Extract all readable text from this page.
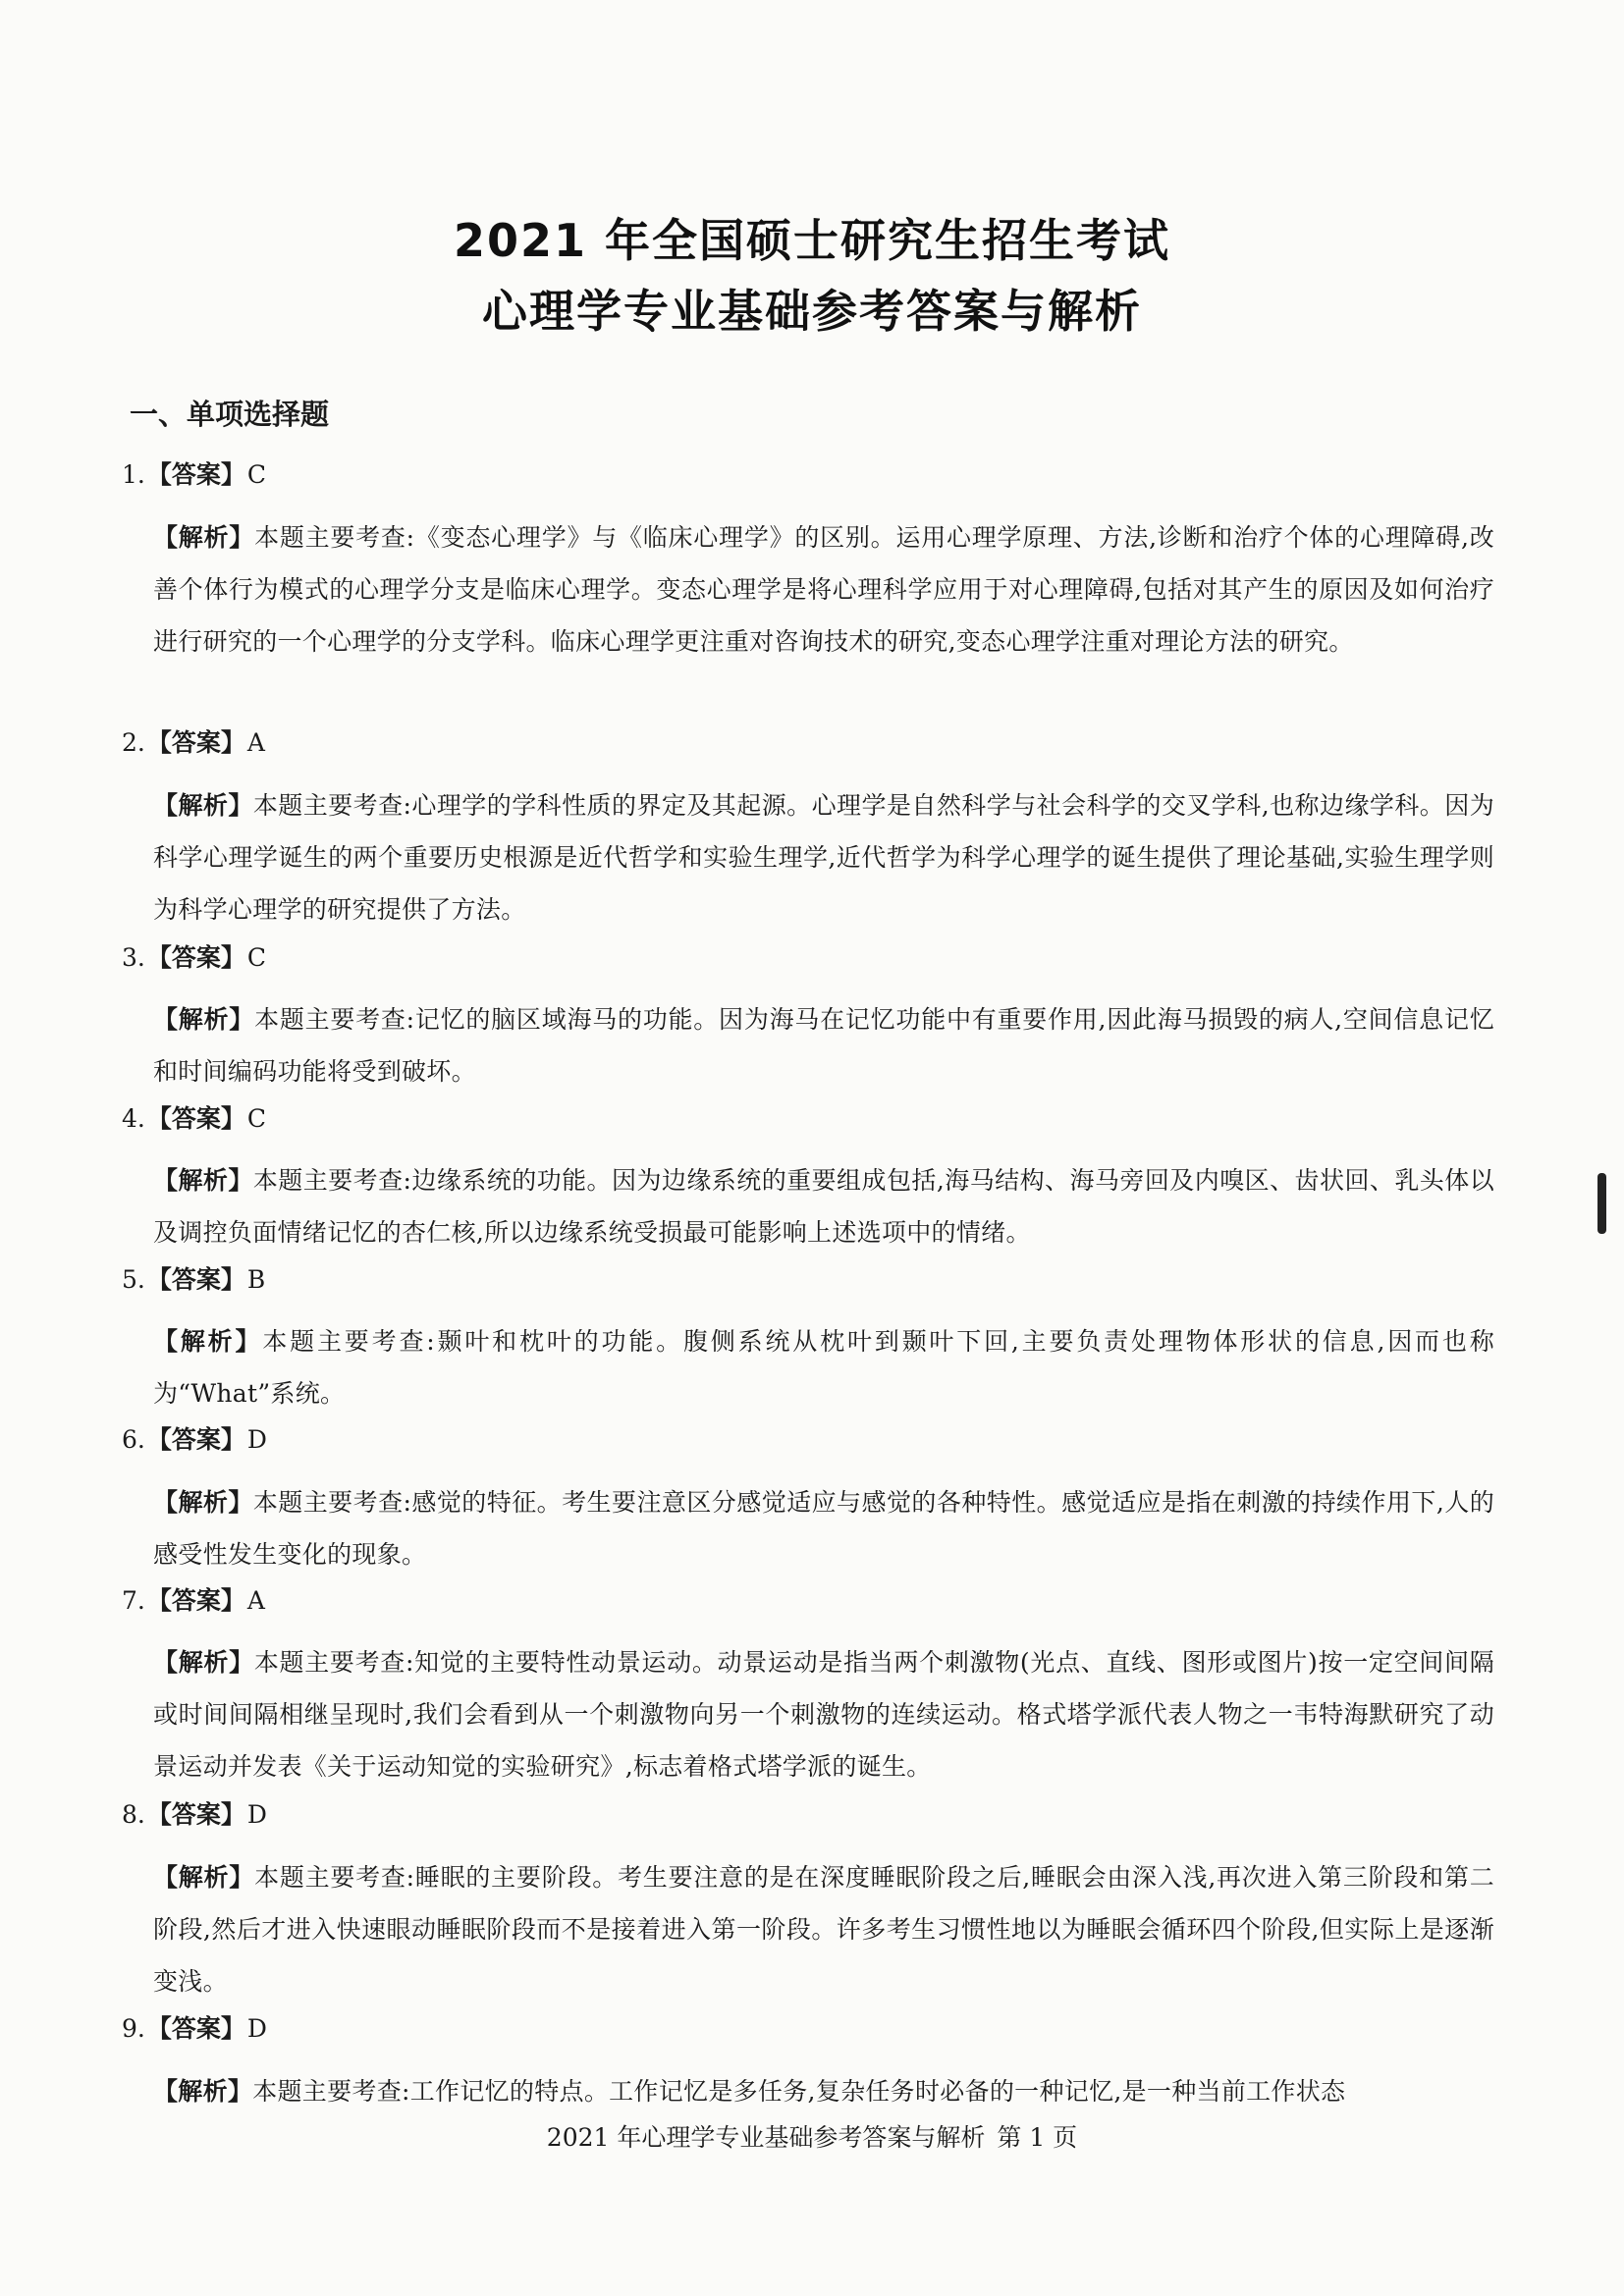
2021 年全国硕士研究生招生考试
心理学专业基础参考答案与解析
一、单项选择题
1.【答案】C
【解析】本题主要考查:《变态心理学》与《临床心理学》的区别。运用心理学原理、方法,诊断和治疗个体的心理障碍,改善个体行为模式的心理学分支是临床心理学。变态心理学是将心理科学应用于对心理障碍,包括对其产生的原因及如何治疗进行研究的一个心理学的分支学科。临床心理学更注重对咨询技术的研究,变态心理学注重对理论方法的研究。
2.【答案】A
【解析】本题主要考查:心理学的学科性质的界定及其起源。心理学是自然科学与社会科学的交叉学科,也称边缘学科。因为科学心理学诞生的两个重要历史根源是近代哲学和实验生理学,近代哲学为科学心理学的诞生提供了理论基础,实验生理学则为科学心理学的研究提供了方法。
3.【答案】C
【解析】本题主要考查:记忆的脑区域海马的功能。因为海马在记忆功能中有重要作用,因此海马损毁的病人,空间信息记忆和时间编码功能将受到破坏。
4.【答案】C
【解析】本题主要考查:边缘系统的功能。因为边缘系统的重要组成包括,海马结构、海马旁回及内嗅区、齿状回、乳头体以及调控负面情绪记忆的杏仁核,所以边缘系统受损最可能影响上述选项中的情绪。
5.【答案】B
【解析】本题主要考查:颞叶和枕叶的功能。腹侧系统从枕叶到颞叶下回,主要负责处理物体形状的信息,因而也称为“What”系统。
6.【答案】D
【解析】本题主要考查:感觉的特征。考生要注意区分感觉适应与感觉的各种特性。感觉适应是指在刺激的持续作用下,人的感受性发生变化的现象。
7.【答案】A
【解析】本题主要考查:知觉的主要特性动景运动。动景运动是指当两个刺激物(光点、直线、图形或图片)按一定空间间隔或时间间隔相继呈现时,我们会看到从一个刺激物向另一个刺激物的连续运动。格式塔学派代表人物之一韦特海默研究了动景运动并发表《关于运动知觉的实验研究》,标志着格式塔学派的诞生。
8.【答案】D
【解析】本题主要考查:睡眠的主要阶段。考生要注意的是在深度睡眠阶段之后,睡眠会由深入浅,再次进入第三阶段和第二阶段,然后才进入快速眼动睡眠阶段而不是接着进入第一阶段。许多考生习惯性地以为睡眠会循环四个阶段,但实际上是逐渐变浅。
9.【答案】D
【解析】本题主要考查:工作记忆的特点。工作记忆是多任务,复杂任务时必备的一种记忆,是一种当前工作状态
2021 年心理学专业基础参考答案与解析 第 1 页
